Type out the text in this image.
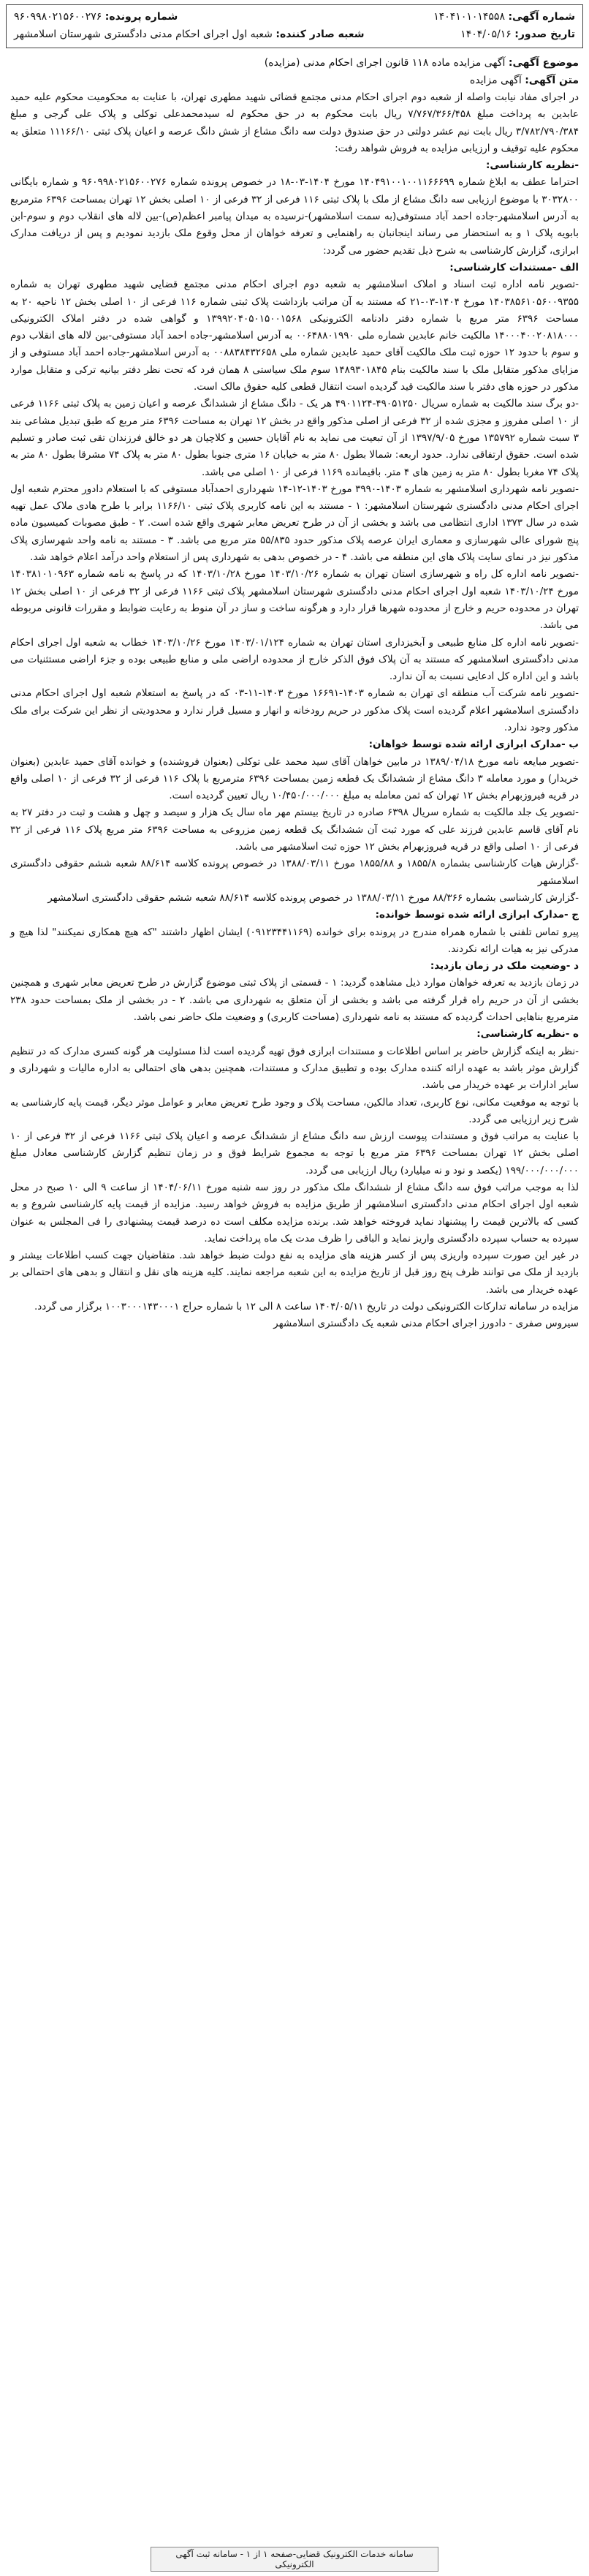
شماره آگهی: ۱۴۰۴۱۰۱۰۱۴۵۵۸
شماره پرونده: ۹۶۰۹۹۸۰۲۱۵۶۰۰۲۷۶
تاریخ صدور: ۱۴۰۴/۰۵/۱۶
شعبه صادر کننده: شعبه اول اجرای احکام مدنی دادگستری شهرستان اسلامشهر
موضوع آگهی: آگهی مزایده ماده ۱۱۸ قانون اجرای احکام مدنی (مزایده)
متن آگهی: آگهی مزایده

در اجرای مفاد نیابت واصله از شعبه دوم اجرای احکام مدنی مجتمع قضائی شهید مطهری تهران، با عنایت به محکومیت محکوم علیه حمید عابدین به پرداخت مبلغ ۷/۷۶۷/۳۶۶/۴۵۸ ریال بابت محکوم به در حق محکوم له سیدمحمدعلی توکلی و پلاک علی گرجی و مبلغ ۳/۷۸۲/۷۹۰/۳۸۴ ریال بابت نیم عشر دولتی در حق صندوق دولت سه دانگ مشاع از شش دانگ عرصه و اعیان پلاک ثبتی ۱۱۱۶۶/۱۰ متعلق به محکوم علیه توقیف و ارزیابی مزایده به فروش شواهد رفت:

-نظریه کارشناسی:

احتراما عطف به ابلاغ شماره ۱۴۰۴۹۱۰۰۱۰۰۱۱۶۶۶۹۹ مورخ ۱۴۰۴-۰۳-۱۸ در خصوص پرونده شماره ۹۶۰۹۹۸۰۲۱۵۶۰۰۲۷۶ و شماره بایگانی ۳۰۳۲۸۰۰ با موضوع ارزیابی سه دانگ مشاع از ملک با پلاک ثبتی ۱۱۶ فرعی از ۳۲ فرعی از ۱۰ اصلی بخش ۱۲ تهران بمساحت ۶۳۹۶ مترمربع به آدرس اسلامشهر-جاده احمد آباد مستوفی(به سمت اسلامشهر)-نرسیده به میدان پیامبر اعظم(ص)-بین لاله های انقلاب دوم و سوم-ابن بابویه پلاک ۱ و به استحضار می رساند اینجانبان به راهنمایی و تعرفه خواهان از محل وقوع ملک بازدید نمودیم و پس از دریافت مدارک ابرازی، گزارش کارشناسی به شرح ذیل تقدیم حضور می گردد:

الف -مستندات کارشناسی:

-تصویر نامه اداره ثبت اسناد و املاک اسلامشهر به شعبه دوم اجرای احکام مدنی مجتمع قضایی شهید مطهری تهران به شماره ۱۴۰۳۸۵۶۱۰۵۶۰۰۹۳۵۵ مورخ ۱۴۰۴-۰۳-۲۱ که مستند به آن مراتب بازداشت پلاک ثبتی شماره ۱۱۶ فرعی از ۱۰ اصلی بخش ۱۲ ناحیه ۲۰ به مساحت ۶۳۹۶ متر مربع با شماره دفتر دادنامه الکترونیکی ۱۳۹۹۲۰۴۰۵۰۱۵۰۰۱۵۶۸ و گواهی شده در دفتر املاک الکترونیکی ۱۴۰۰۰۴۰۰۲۰۸۱۸۰۰۰ مالکیت خانم عابدین شماره ملی ۰۰۶۴۸۸۰۱۹۹۰ به آدرس اسلامشهر-جاده احمد آباد مستوفی-بین لاله های انقلاب دوم و سوم با حدود ۱۲ حوزه ثبت ملک مالکیت آقای حمید عابدین شماره ملی ۰۰۸۸۳۸۴۳۲۶۵۸ به آدرس اسلامشهر-جاده احمد آباد مستوفی و از مزایای مذکور متقابل ملک با سند مالکیت بنام ۱۴۸۹۳۰۱۸۴۵ سوم ملک سیاستی ۸ همان فرد که تحت نظر دفتر بیانیه ترکی و متقابل موارد مذکور در حوزه های دفتر با سند مالکیت قید گردیده است انتقال قطعی کلیه حقوق مالک است.

-دو برگ سند مالکیت به شماره سریال ۴۹۰۵۱۲۵۰-۴۹۰۱۱۲۴ هر یک - دانگ مشاع از ششدانگ عرصه و اعیان زمین به پلاک ثبتی ۱۱۶۶ فرعی از ۱۰ اصلی مفروز و مجزی شده از ۳۲ فرعی از اصلی مذکور واقع در بخش ۱۲ تهران به مساحت ۶۳۹۶ متر مربع که طبق تبدیل مشاعی بند ۳ سبت شماره ۱۳۵۷۹۲ مورخ ۱۳۹۷/۹/۰۵ از آن تبعیت می نماید به نام آقایان حسین و کلاچیان هر دو خالق فرزندان تقی ثبت صادر و تسلیم شده است. حقوق ارتفاقی ندارد. حدود اربعه: شمالا بطول ۸۰ متر به خیابان ۱۶ متری جنوبا بطول ۸۰ متر به پلاک ۷۴ مشرقا بطول ۸۰ متر به پلاک ۷۴ مغربا بطول ۸۰ متر به زمین های ۴ متر. باقیمانده ۱۱۶۹ فرعی از ۱۰ اصلی می باشد.

-تصویر نامه شهرداری اسلامشهر به شماره ۱۴۰۳-۳۹۹۰ مورخ ۱۴۰۳-۱۲-۱۴ شهرداری احمدآباد مستوفی که با استعلام دادور محترم شعبه اول اجرای احکام مدنی دادگستری شهرستان اسلامشهر: ۱ - مستند به این نامه کاربری پلاک ثبتی ۱۱۶۶/۱۰ برابر با طرح هادی ملاک عمل تهیه شده در سال ۱۳۷۳ اداری انتظامی می باشد و بخشی از آن در طرح تعریض معابر شهری واقع شده است. ۲ - طبق مصوبات کمیسیون ماده پنج شورای عالی شهرسازی و معماری ایران عرصه پلاک مذکور حدود ۵۵/۸۳۵ متر مربع می باشد. ۳ - مستند به نامه واحد شهرسازی پلاک مذکور نیز در نمای سایت پلاک های این منطقه می باشد. ۴ - در خصوص بدهی به شهرداری پس از استعلام واحد درآمد اعلام خواهد شد.

-تصویر نامه اداره کل راه و شهرسازی استان تهران به شماره ۱۴۰۳/۱۰/۲۶ مورخ ۱۴۰۳/۱۰/۲۸ که در پاسخ به نامه شماره ۱۴۰۳۸۱۰۱۰۹۶۳ مورخ ۱۴۰۳/۱۰/۲۴ شعبه اول اجرای احکام مدنی دادگستری شهرستان اسلامشهر پلاک ثبتی ۱۱۶۶ فرعی از ۳۲ فرعی از ۱۰ اصلی بخش ۱۲ تهران در محدوده حریم و خارج از محدوده شهرها قرار دارد و هرگونه ساخت و ساز در آن منوط به رعایت ضوابط و مقررات قانونی مربوطه می باشد.

-تصویر نامه اداره کل منابع طبیعی و آبخیزداری استان تهران به شماره ۱۴۰۳/۰۱/۱۲۴ مورخ ۱۴۰۳/۱۰/۲۶ خطاب به شعبه اول اجرای احکام مدنی دادگستری اسلامشهر که مستند به آن پلاک فوق الذکر خارج از محدوده اراضی ملی و منابع طبیعی بوده و جزء اراضی مستثنیات می باشد و این اداره کل ادعایی نسبت به آن ندارد.

-تصویر نامه شرکت آب منطقه ای تهران به شماره ۱۴۰۳-۱۶۶۹۱ مورخ ۱۴۰۳-۱۱-۰۳ که در پاسخ به استعلام شعبه اول اجرای احکام مدنی دادگستری اسلامشهر اعلام گردیده است پلاک مذکور در حریم رودخانه و انهار و مسیل قرار ندارد و محدودیتی از نظر این شرکت برای ملک مذکور وجود ندارد.

ب -مدارک ابرازی ارائه شده توسط خواهان:

-تصویر مبایعه نامه مورخ ۱۳۸۹/۰۴/۱۸ در مابین خواهان آقای سید محمد علی توکلی (بعنوان فروشنده) و خوانده آقای حمید عابدین (بعنوان خریدار) و مورد معامله ۳ دانگ مشاع از ششدانگ یک قطعه زمین بمساحت ۶۳۹۶ مترمربع با پلاک ۱۱۶ فرعی از ۳۲ فرعی از ۱۰ اصلی واقع در قریه فیروزبهرام بخش ۱۲ تهران که ثمن معامله به مبلغ ۱۰/۴۵۰/۰۰۰/۰۰۰ ریال تعیین گردیده است.

-تصویر یک جلد مالکیت به شماره سریال ۶۳۹۸ صادره در تاریخ بیستم مهر ماه سال یک هزار و سیصد و چهل و هشت و ثبت در دفتر ۲۷ به نام آقای قاسم عابدین فرزند علی که مورد ثبت آن ششدانگ یک قطعه زمین مزروعی به مساحت ۶۳۹۶ متر مربع پلاک ۱۱۶ فرعی از ۳۲ فرعی از ۱۰ اصلی واقع در قریه فیروزبهرام بخش ۱۲ حوزه ثبت اسلامشهر می باشد.

-گزارش هیات کارشناسی بشماره ۱۸۵۵/۸ و ۱۸۵۵/۸۸ مورخ ۱۳۸۸/۰۳/۱۱ در خصوص پرونده کلاسه ۸۸/۶۱۴ شعبه ششم حقوقی دادگستری اسلامشهر

-گزارش کارشناسی بشماره ۸۸/۳۶۶ مورخ ۱۳۸۸/۰۳/۱۱ در خصوص پرونده کلاسه ۸۸/۶۱۴ شعبه ششم حقوقی دادگستری اسلامشهر

ج -مدارک ابرازی ارائه شده توسط خوانده:

پیرو تماس تلفنی با شماره همراه مندرج در پرونده برای خوانده (۰۹۱۲۳۴۴۱۱۶۹) ایشان اظهار داشتند "که هیچ همکاری نمیکنند" لذا هیچ و مدرکی نیز به هیات ارائه نکردند.

د -وضعیت ملک در زمان بازدید:

در زمان بازدید به تعرفه خواهان موارد ذیل مشاهده گردید: ۱ - قسمتی از پلاک ثبتی موضوع گزارش در طرح تعریض معابر شهری و همچنین بخشی از آن در حریم راه قرار گرفته می باشد و بخشی از آن متعلق به شهرداری می باشد. ۲ - در بخشی از ملک بمساحت حدود ۲۳۸ مترمربع بناهایی احداث گردیده که مستند به نامه شهرداری (مساحت کاربری) و وضعیت ملک حاضر نمی باشد.

ه -نظریه کارشناسی:

-نظر به اینکه گزارش حاضر بر اساس اطلاعات و مستندات ابرازی فوق تهیه گردیده است لذا مسئولیت هر گونه کسری مدارک که در تنظیم گزارش موثر باشد به عهده ارائه کننده مدارک بوده و تطبیق مدارک و مستندات، همچنین بدهی های احتمالی به اداره مالیات و شهرداری و سایر ادارات بر عهده خریدار می باشد.

با توجه به موقعیت مکانی، نوع کاربری، تعداد مالکین، مساحت پلاک و وجود طرح تعریض معابر و عوامل موثر دیگر، قیمت پایه کارشناسی به شرح زیر ارزیابی می گردد.

با عنایت به مراتب فوق و مستندات پیوست ارزش سه دانگ مشاع از ششدانگ عرصه و اعیان پلاک ثبتی ۱۱۶۶ فرعی از ۳۲ فرعی از ۱۰ اصلی بخش ۱۲ تهران بمساحت ۶۳۹۶ متر مربع با توجه به مجموع شرایط فوق و در زمان تنظیم گزارش کارشناسی معادل مبلغ ۱۹۹/۰۰۰/۰۰۰/۰۰۰ (یکصد و نود و نه میلیارد) ریال ارزیابی می گردد.

لذا به موجب مراتب فوق سه دانگ مشاع از ششدانگ ملک مذکور در روز سه شنبه مورخ ۱۴۰۴/۰۶/۱۱ از ساعت ۹ الی ۱۰ صبح در محل شعبه اول اجرای احکام مدنی دادگستری اسلامشهر از طریق مزایده به فروش خواهد رسید. مزایده از قیمت پایه کارشناسی شروع و به کسی که بالاترین قیمت را پیشنهاد نماید فروخته خواهد شد. برنده مزایده مکلف است ده درصد قیمت پیشنهادی را فی المجلس به عنوان سپرده به حساب سپرده دادگستری واریز نماید و الباقی را ظرف مدت یک ماه پرداخت نماید.

در غیر این صورت سپرده واریزی پس از کسر هزینه های مزایده به نفع دولت ضبط خواهد شد. متقاضیان جهت کسب اطلاعات بیشتر و بازدید از ملک می توانند ظرف پنج روز قبل از تاریخ مزایده به این شعبه مراجعه نمایند. کلیه هزینه های نقل و انتقال و بدهی های احتمالی بر عهده خریدار می باشد.

مزایده در سامانه تدارکات الکترونیکی دولت در تاریخ ۱۴۰۴/۰۵/۱۱ ساعت ۸ الی ۱۲ با شماره حراج ۱۰۰۳۰۰۰۱۴۳۰۰۰۱ برگزار می گردد.

سیروس صفری - دادورز اجرای احکام مدنی شعبه یک دادگستری اسلامشهر

سامانه خدمات الکترونیک قضایی-صفحه ۱ از ۱ - سامانه ثبت آگهی الکترونیکی
